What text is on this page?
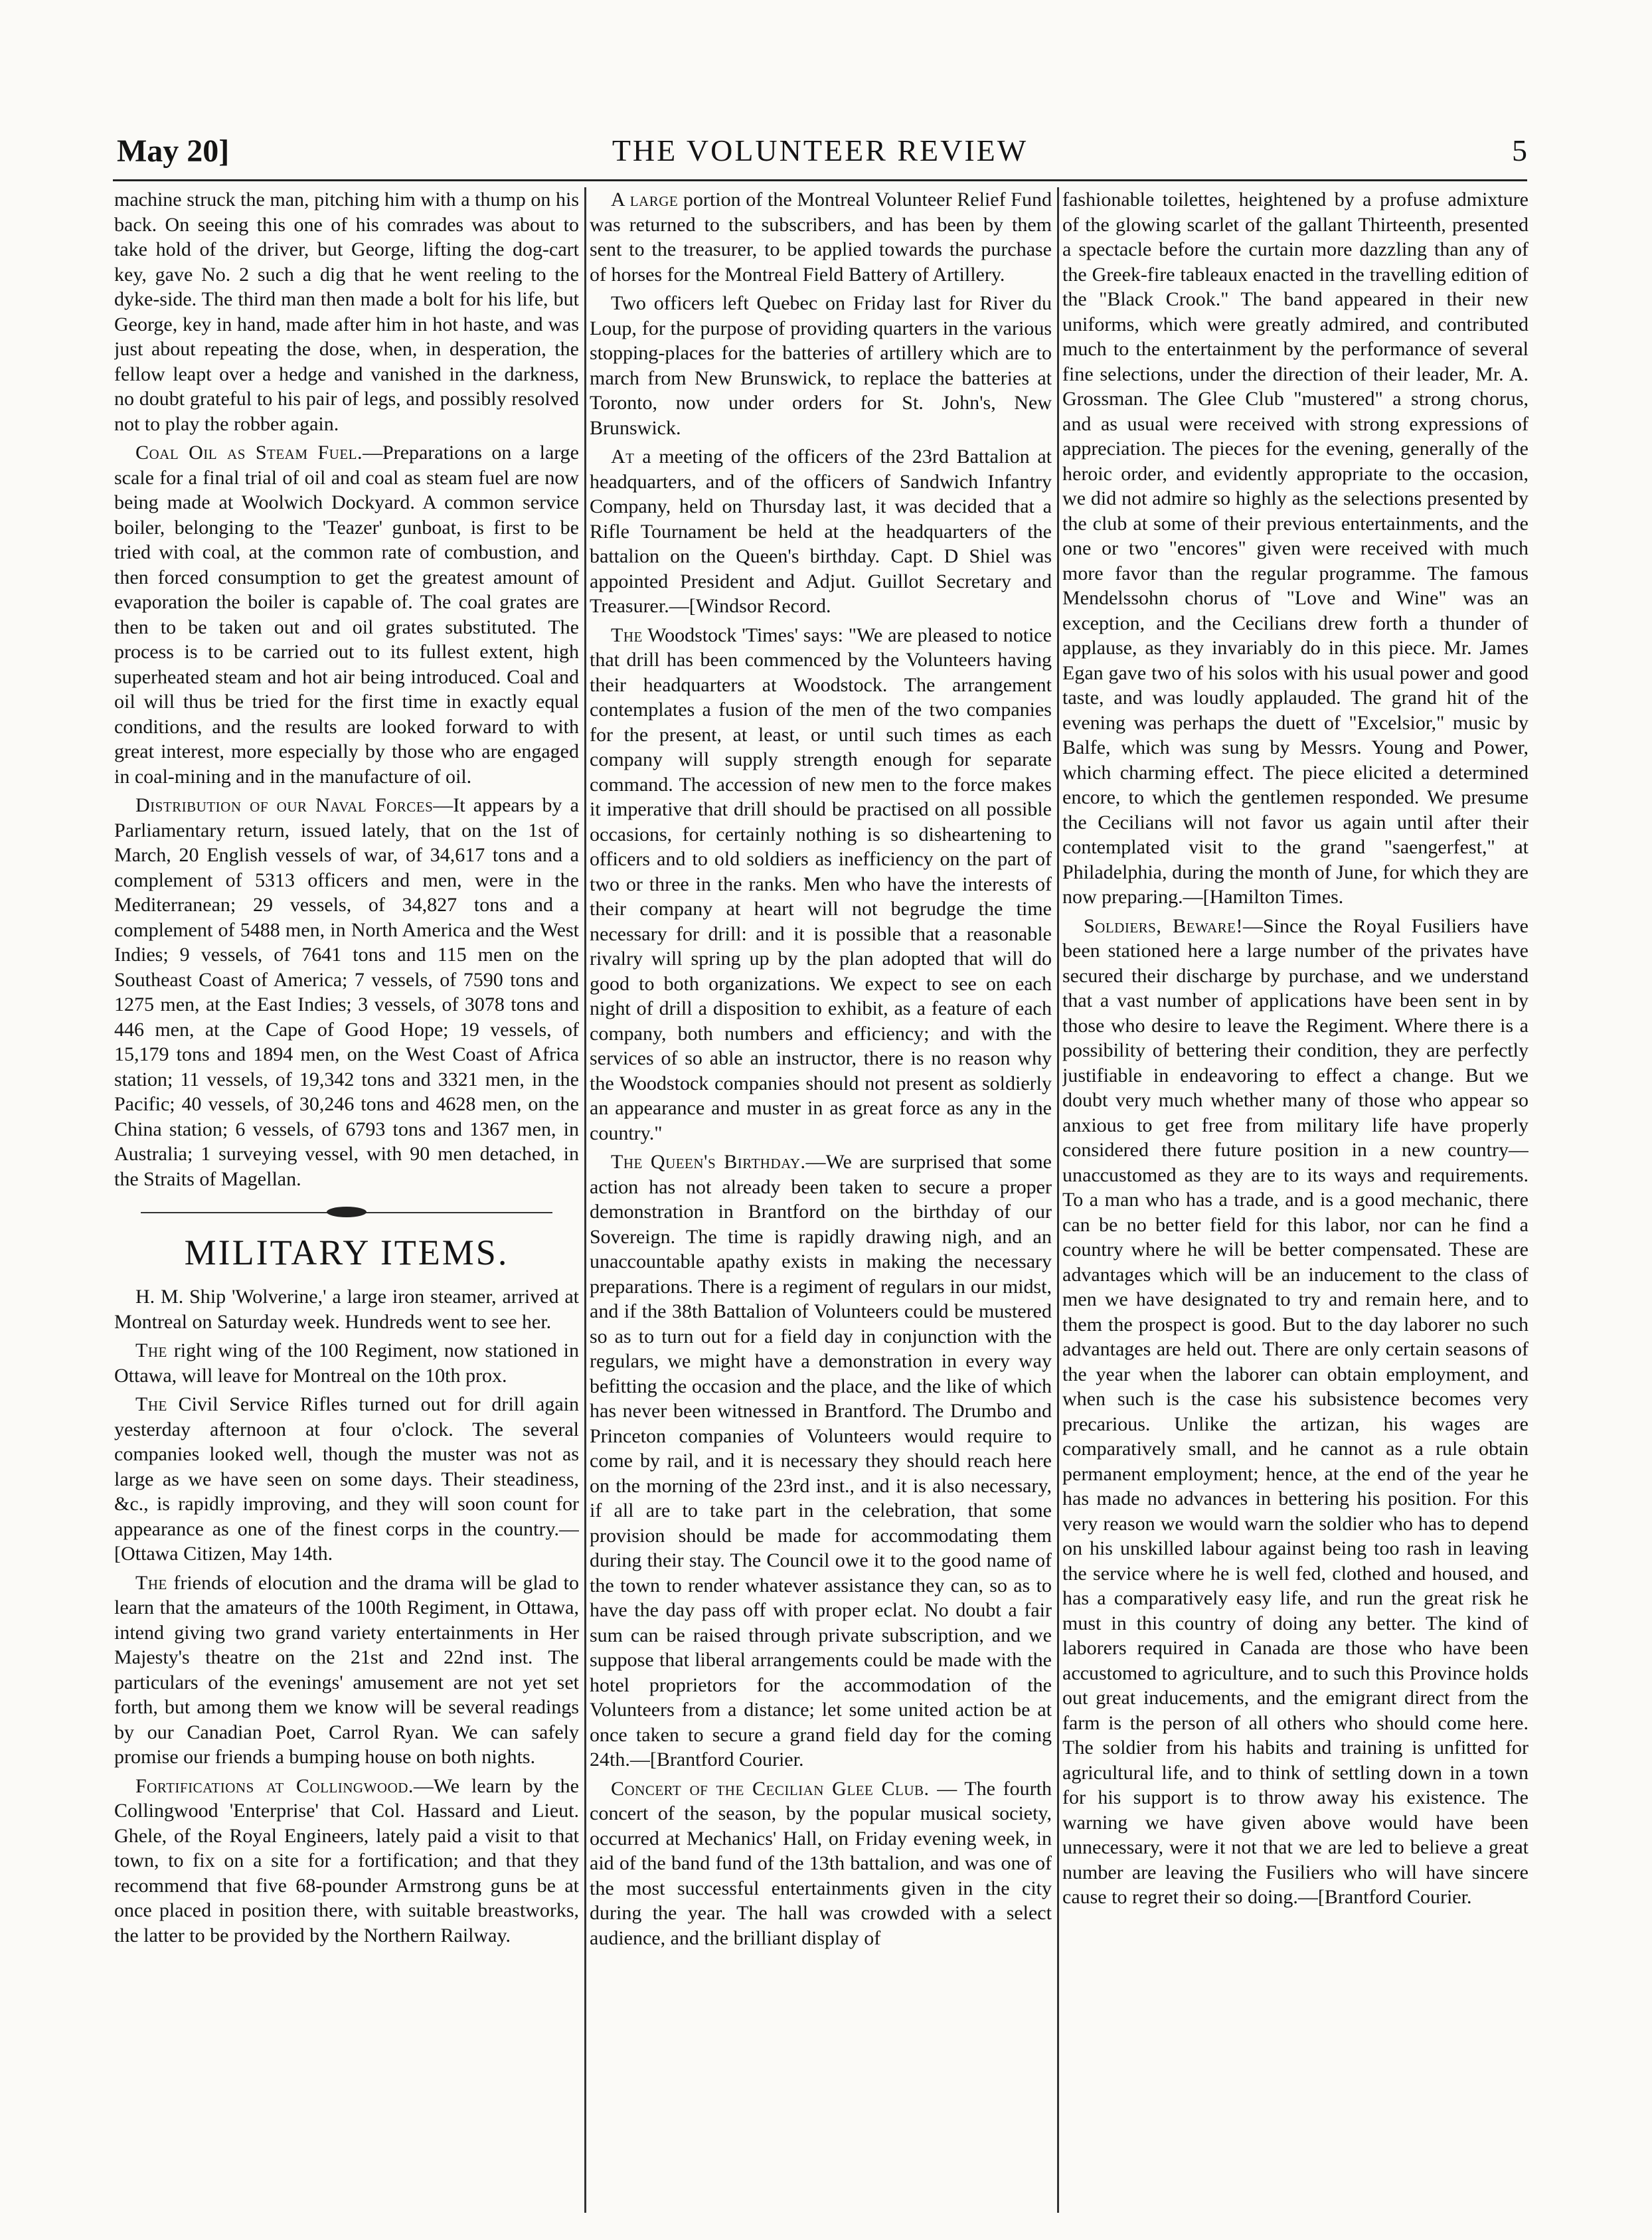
May 20]	THE VOLUNTEER REVIEW	5

machine struck the man, pitching him with a thump on his back. On seeing this one of his comrades was about to take hold of the driver, but George, lifting the dog-cart key, gave No. 2 such a dig that he went reeling to the dyke-side. The third man then made a bolt for his life, but George, key in hand, made after him in hot haste, and was just about repeating the dose, when, in desperation, the fellow leapt over a hedge and vanished in the darkness, no doubt grateful to his pair of legs, and possibly resolved not to play the robber again.

Coal Oil as Steam Fuel.—Preparations on a large scale for a final trial of oil and coal as steam fuel are now being made at Woolwich Dockyard. A common service boiler, belonging to the 'Teazer' gunboat, is first to be tried with coal, at the common rate of combustion, and then forced consumption to get the greatest amount of evaporation the boiler is capable of. The coal grates are then to be taken out and oil grates substituted. The process is to be carried out to its fullest extent, high superheated steam and hot air being introduced. Coal and oil will thus be tried for the first time in exactly equal conditions, and the results are looked forward to with great interest, more especially by those who are engaged in coal-mining and in the manufacture of oil.

Distribution of our Naval Forces—It appears by a Parliamentary return, issued lately, that on the 1st of March, 20 English vessels of war, of 34,617 tons and a complement of 5313 officers and men, were in the Mediterranean; 29 vessels, of 34,827 tons and a complement of 5488 men, in North America and the West Indies; 9 vessels, of 7641 tons and 115 men on the Southeast Coast of America; 7 vessels, of 7590 tons and 1275 men, at the East Indies; 3 vessels, of 3078 tons and 446 men, at the Cape of Good Hope; 19 vessels, of 15,179 tons and 1894 men, on the West Coast of Africa station; 11 vessels, of 19,342 tons and 3321 men, in the Pacific; 40 vessels, of 30,246 tons and 4628 men, on the China station; 6 vessels, of 6793 tons and 1367 men, in Australia; 1 surveying vessel, with 90 men detached, in the Straits of Magellan.

MILITARY ITEMS.

H. M. Ship 'Wolverine,' a large iron steamer, arrived at Montreal on Saturday week. Hundreds went to see her.

The right wing of the 100 Regiment, now stationed in Ottawa, will leave for Montreal on the 10th prox.

The Civil Service Rifles turned out for drill again yesterday afternoon at four o'clock. The several companies looked well, though the muster was not as large as we have seen on some days. Their steadiness, &c., is rapidly improving, and they will soon count for appearance as one of the finest corps in the country.—[Ottawa Citizen, May 14th.

The friends of elocution and the drama will be glad to learn that the amateurs of the 100th Regiment, in Ottawa, intend giving two grand variety entertainments in Her Majesty's theatre on the 21st and 22nd inst. The particulars of the evenings' amusement are not yet set forth, but among them we know will be several readings by our Canadian Poet, Carrol Ryan. We can safely promise our friends a bumping house on both nights.

Fortifications at Collingwood.—We learn by the Collingwood 'Enterprise' that Col. Hassard and Lieut. Ghele, of the Royal Engineers, lately paid a visit to that town, to fix on a site for a fortification; and that they recommend that five 68-pounder Armstrong guns be at once placed in position there, with suitable breastworks, the latter to be provided by the Northern Railway.

A large portion of the Montreal Volunteer Relief Fund was returned to the subscribers, and has been by them sent to the treasurer, to be applied towards the purchase of horses for the Montreal Field Battery of Artillery.

Two officers left Quebec on Friday last for River du Loup, for the purpose of providing quarters in the various stopping-places for the batteries of artillery which are to march from New Brunswick, to replace the batteries at Toronto, now under orders for St. John's, New Brunswick.

At a meeting of the officers of the 23rd Battalion at headquarters, and of the officers of Sandwich Infantry Company, held on Thursday last, it was decided that a Rifle Tournament be held at the headquarters of the battalion on the Queen's birthday. Capt. D Shiel was appointed President and Adjut. Guillot Secretary and Treasurer.—[Windsor Record.

The Woodstock 'Times' says: "We are pleased to notice that drill has been commenced by the Volunteers having their headquarters at Woodstock. The arrangement contemplates a fusion of the men of the two companies for the present, at least, or until such times as each company will supply strength enough for separate command. The accession of new men to the force makes it imperative that drill should be practised on all possible occasions, for certainly nothing is so disheartening to officers and to old soldiers as inefficiency on the part of two or three in the ranks. Men who have the interests of their company at heart will not begrudge the time necessary for drill: and it is possible that a reasonable rivalry will spring up by the plan adopted that will do good to both organizations. We expect to see on each night of drill a disposition to exhibit, as a feature of each company, both numbers and efficiency; and with the services of so able an instructor, there is no reason why the Woodstock companies should not present as soldierly an appearance and muster in as great force as any in the country."

The Queen's Birthday.—We are surprised that some action has not already been taken to secure a proper demonstration in Brantford on the birthday of our Sovereign. The time is rapidly drawing nigh, and an unaccountable apathy exists in making the necessary preparations. There is a regiment of regulars in our midst, and if the 38th Battalion of Volunteers could be mustered so as to turn out for a field day in conjunction with the regulars, we might have a demonstration in every way befitting the occasion and the place, and the like of which has never been witnessed in Brantford. The Drumbo and Princeton companies of Volunteers would require to come by rail, and it is necessary they should reach here on the morning of the 23rd inst., and it is also necessary, if all are to take part in the celebration, that some provision should be made for accommodating them during their stay. The Council owe it to the good name of the town to render whatever assistance they can, so as to have the day pass off with proper eclat. No doubt a fair sum can be raised through private subscription, and we suppose that liberal arrangements could be made with the hotel proprietors for the accommodation of the Volunteers from a distance; let some united action be at once taken to secure a grand field day for the coming 24th.—[Brantford Courier.

Concert of the Cecilian Glee Club. — The fourth concert of the season, by the popular musical society, occurred at Mechanics' Hall, on Friday evening week, in aid of the band fund of the 13th battalion, and was one of the most successful entertainments given in the city during the year. The hall was crowded with a select audience, and the brilliant display of

fashionable toilettes, heightened by a profuse admixture of the glowing scarlet of the gallant Thirteenth, presented a spectacle before the curtain more dazzling than any of the Greek-fire tableaux enacted in the travelling edition of the "Black Crook." The band appeared in their new uniforms, which were greatly admired, and contributed much to the entertainment by the performance of several fine selections, under the direction of their leader, Mr. A. Grossman. The Glee Club "mustered" a strong chorus, and as usual were received with strong expressions of appreciation. The pieces for the evening, generally of the heroic order, and evidently appropriate to the occasion, we did not admire so highly as the selections presented by the club at some of their previous entertainments, and the one or two "encores" given were received with much more favor than the regular programme. The famous Mendelssohn chorus of "Love and Wine" was an exception, and the Cecilians drew forth a thunder of applause, as they invariably do in this piece. Mr. James Egan gave two of his solos with his usual power and good taste, and was loudly applauded. The grand hit of the evening was perhaps the duett of "Excelsior," music by Balfe, which was sung by Messrs. Young and Power, which charming effect. The piece elicited a determined encore, to which the gentlemen responded. We presume the Cecilians will not favor us again until after their contemplated visit to the grand "saengerfest," at Philadelphia, during the month of June, for which they are now preparing.—[Hamilton Times.

Soldiers, Beware!—Since the Royal Fusiliers have been stationed here a large number of the privates have secured their discharge by purchase, and we understand that a vast number of applications have been sent in by those who desire to leave the Regiment. Where there is a possibility of bettering their condition, they are perfectly justifiable in endeavoring to effect a change. But we doubt very much whether many of those who appear so anxious to get free from military life have properly considered there future position in a new country—unaccustomed as they are to its ways and requirements. To a man who has a trade, and is a good mechanic, there can be no better field for this labor, nor can he find a country where he will be better compensated. These are advantages which will be an inducement to the class of men we have designated to try and remain here, and to them the prospect is good. But to the day laborer no such advantages are held out. There are only certain seasons of the year when the laborer can obtain employment, and when such is the case his subsistence becomes very precarious. Unlike the artizan, his wages are comparatively small, and he cannot as a rule obtain permanent employment; hence, at the end of the year he has made no advances in bettering his position. For this very reason we would warn the soldier who has to depend on his unskilled labour against being too rash in leaving the service where he is well fed, clothed and housed, and has a comparatively easy life, and run the great risk he must in this country of doing any better. The kind of laborers required in Canada are those who have been accustomed to agriculture, and to such this Province holds out great inducements, and the emigrant direct from the farm is the person of all others who should come here. The soldier from his habits and training is unfitted for agricultural life, and to think of settling down in a town for his support is to throw away his existence. The warning we have given above would have been unnecessary, were it not that we are led to believe a great number are leaving the Fusiliers who will have sincere cause to regret their so doing.—[Brantford Courier.
